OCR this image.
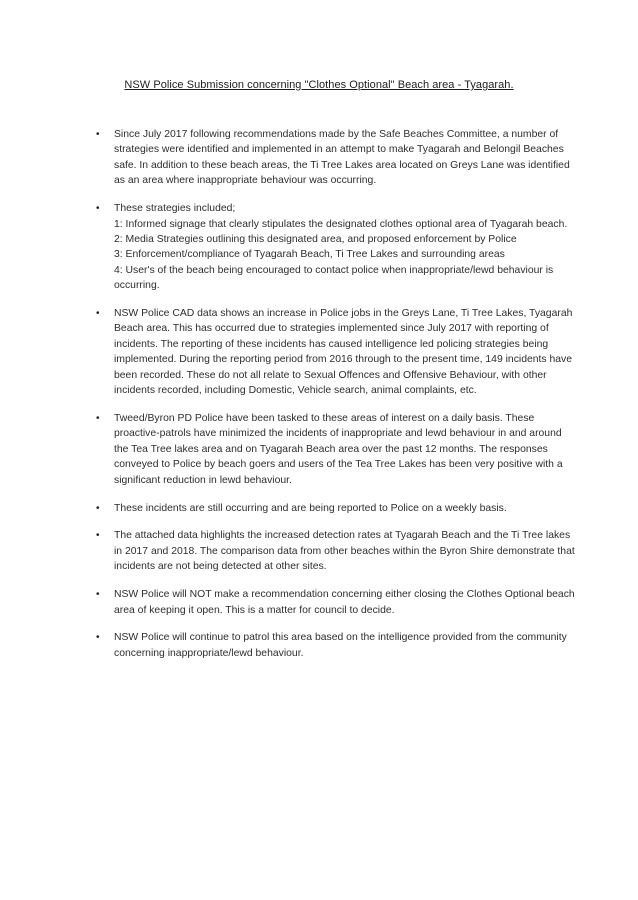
NSW Police Submission concerning "Clothes Optional" Beach area - Tyagarah.
•	Since July 2017 following recommendations made by the Safe Beaches Committee, a number of strategies were identified and implemented in an attempt to make Tyagarah and Belongil Beaches safe. In addition to these beach areas, the Ti Tree Lakes area located on Greys Lane was identified as an area where inappropriate behaviour was occurring.
•	These strategies included;
1: Informed signage that clearly stipulates the designated clothes optional area of Tyagarah beach.
2: Media Strategies outlining this designated area, and proposed enforcement by Police
3: Enforcement/compliance of Tyagarah Beach, Ti Tree Lakes and surrounding areas
4: User's of the beach being encouraged to contact police when inappropriate/lewd behaviour is occurring.
•	NSW Police CAD data shows an increase in Police jobs in the Greys Lane, Ti Tree Lakes, Tyagarah Beach area. This has occurred due to strategies implemented since July 2017 with reporting of incidents. The reporting of these incidents has caused intelligence led policing strategies being implemented. During the reporting period from 2016 through to the present time, 149 incidents have been recorded. These do not all relate to Sexual Offences and Offensive Behaviour, with other incidents recorded, including Domestic, Vehicle search, animal complaints, etc.
•	Tweed/Byron PD Police have been tasked to these areas of interest on a daily basis. These proactive-patrols have minimized the incidents of inappropriate and lewd behaviour in and around the Tea Tree lakes area and on Tyagarah Beach area over the past 12 months. The responses conveyed to Police by beach goers and users of the Tea Tree Lakes has been very positive with a significant reduction in lewd behaviour.
•	These incidents are still occurring and are being reported to Police on a weekly basis.
•	The attached data highlights the increased detection rates at Tyagarah Beach and the Ti Tree lakes in 2017 and 2018. The comparison data from other beaches within the Byron Shire demonstrate that incidents are not being detected at other sites.
•	NSW Police will NOT make a recommendation concerning either closing the Clothes Optional beach area of keeping it open. This is a matter for council to decide.
•	NSW Police will continue to patrol this area based on the intelligence provided from the community concerning inappropriate/lewd behaviour.
